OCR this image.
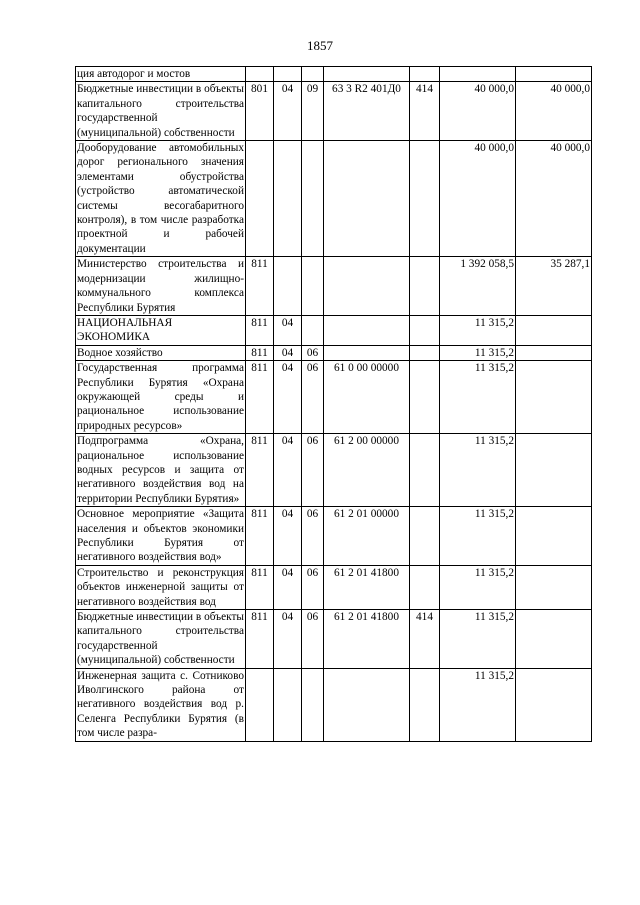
1857
ция автодорог и мостов							
Бюджетные инвестиции в объекты капитального строительства государственной (муниципальной) собственности	801	04	09	63 3 R2 401Д0	414	40 000,0	40 000,0
Дооборудование автомобильных дорог регионального значения элементами обустройства (устройство автоматической системы весогабаритного контроля), в том числе разработка проектной и рабочей документации						40 000,0	40 000,0
Министерство строительства и модернизации жилищно-коммунального комплекса Республики Бурятия	811					1 392 058,5	35 287,1
НАЦИОНАЛЬНАЯ ЭКОНОМИКА	811	04				11 315,2	
Водное хозяйство	811	04	06			11 315,2	
Государственная программа Республики Бурятия «Охрана окружающей среды и рациональное использование природных ресурсов»	811	04	06	61 0 00 00000		11 315,2	
Подпрограмма «Охрана, рациональное использование водных ресурсов и защита от негативного воздействия вод на территории Республики Бурятия»	811	04	06	61 2 00 00000		11 315,2	
Основное мероприятие «Защита населения и объектов экономики Республики Бурятия от негативного воздействия вод»	811	04	06	61 2 01 00000		11 315,2	
Строительство и реконструкция объектов инженерной защиты от негативного воздействия вод	811	04	06	61 2 01 41800		11 315,2	
Бюджетные инвестиции в объекты капитального строительства государственной (муниципальной) собственности	811	04	06	61 2 01 41800	414	11 315,2	
Инженерная защита с. Сотниково Иволгинского района от негативного воздействия вод р. Селенга Республики Бурятия (в том числе разра-						11 315,2	
